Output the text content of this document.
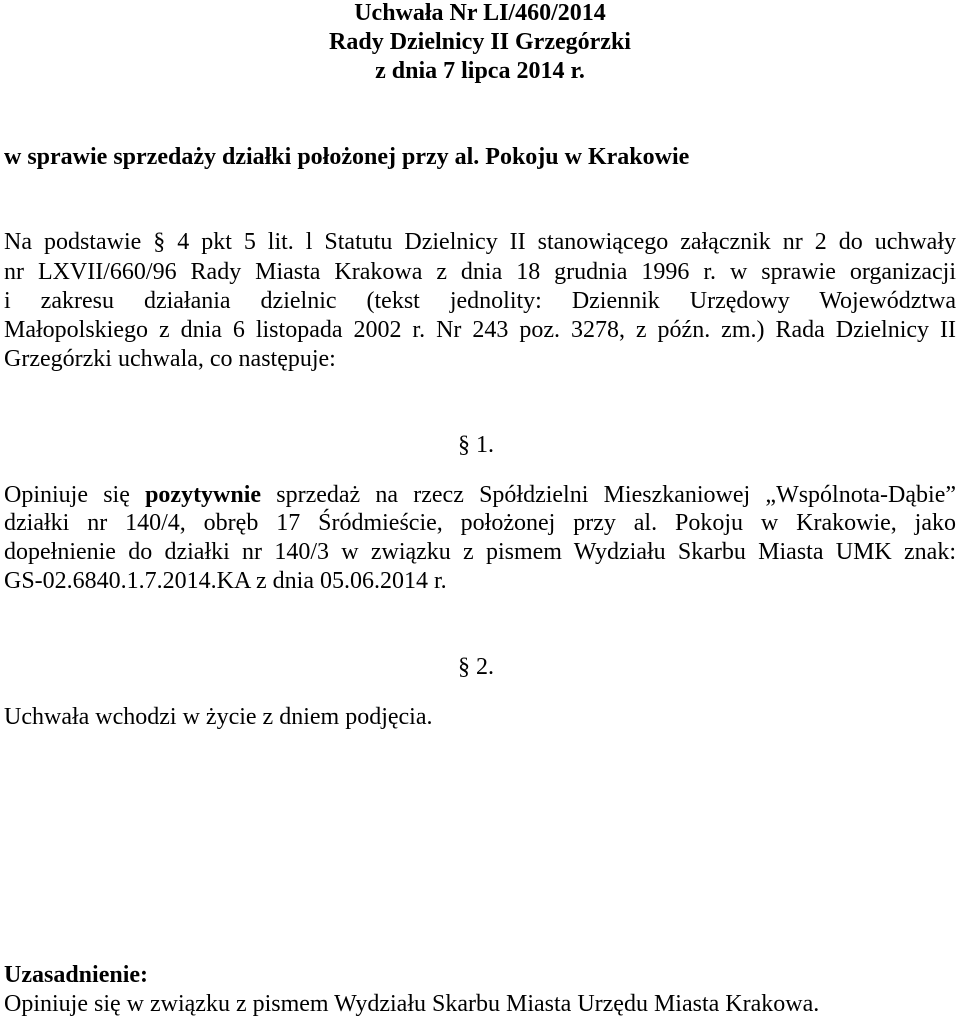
Uchwała Nr LI/460/2014
Rady Dzielnicy II Grzegórzki
z dnia 7 lipca 2014 r.
w sprawie sprzedaży działki położonej przy al. Pokoju w Krakowie
Na podstawie § 4 pkt 5 lit. l Statutu Dzielnicy II stanowiącego załącznik nr 2 do uchwały
nr LXVII/660/96 Rady Miasta Krakowa z dnia 18 grudnia 1996 r. w sprawie organizacji
i zakresu działania dzielnic (tekst jednolity: Dziennik Urzędowy Województwa
Małopolskiego z dnia 6 listopada 2002 r. Nr 243 poz. 3278, z późn. zm.) Rada Dzielnicy II
Grzegórzki uchwala, co następuje:
§ 1.
Opiniuje się pozytywnie sprzedaż na rzecz Spółdzielni Mieszkaniowej „Wspólnota-Dąbie”
działki nr 140/4, obręb 17 Śródmieście, położonej przy al. Pokoju w Krakowie, jako
dopełnienie do działki nr 140/3 w związku z pismem Wydziału Skarbu Miasta UMK znak:
GS-02.6840.1.7.2014.KA z dnia 05.06.2014 r.
§ 2.
Uchwała wchodzi w życie z dniem podjęcia.
Uzasadnienie:
Opiniuje się w związku z pismem Wydziału Skarbu Miasta Urzędu Miasta Krakowa.
